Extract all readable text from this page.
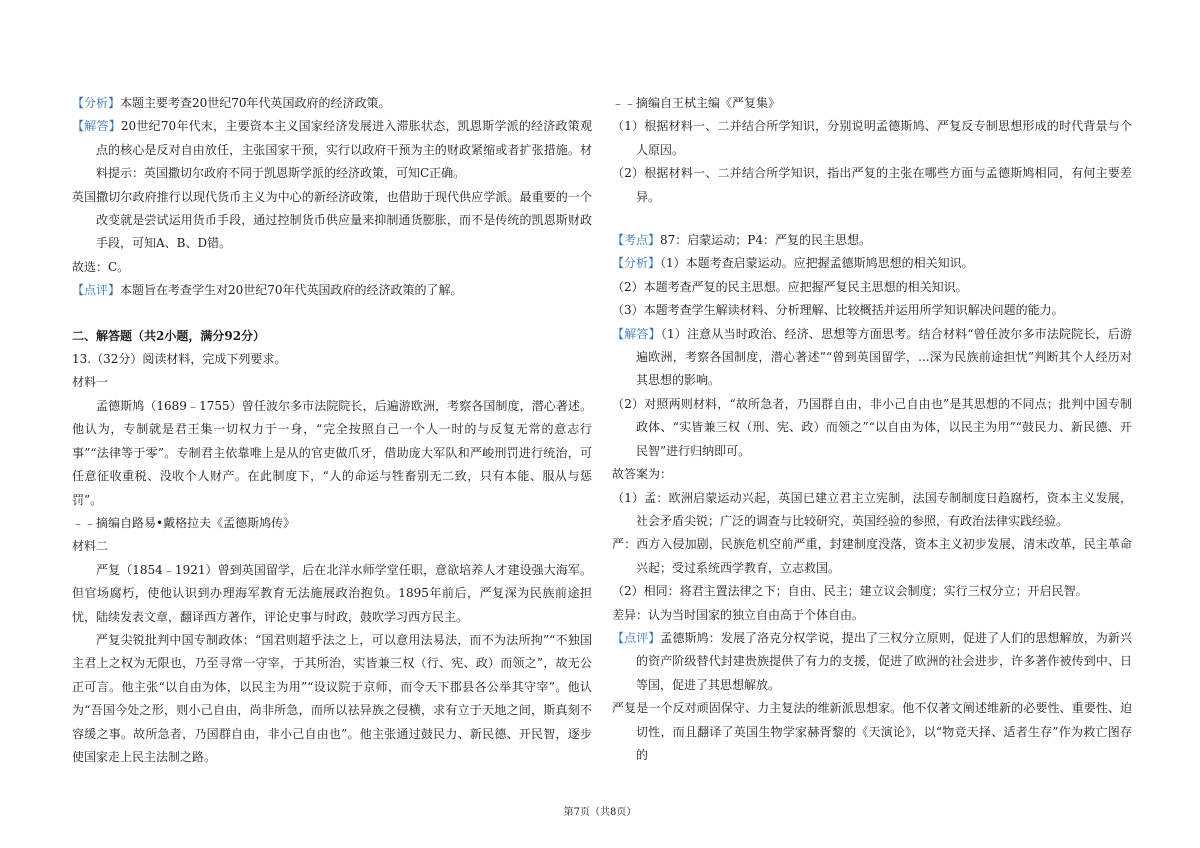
【分析】本题主要考查20世纪70年代英国政府的经济政策。

【解答】20世纪70年代末，主要资本主义国家经济发展进入滞胀状态，凯恩斯学派的经济政策观点的核心是反对自由放任，主张国家干预，实行以政府干预为主的财政紧缩或者扩张措施。材料提示：英国撒切尔政府不同于凯恩斯学派的经济政策，可知C正确。

英国撒切尔政府推行以现代货币主义为中心的新经济政策，也借助于现代供应学派。最重要的一个改变就是尝试运用货币手段，通过控制货币供应量来抑制通货膨胀，而不是传统的凯恩斯财政手段，可知A、B、D错。

故选：C。

【点评】本题旨在考查学生对20世纪70年代英国政府的经济政策的了解。

二、解答题（共2小题，满分92分）

13.（32分）阅读材料，完成下列要求。

材料一

孟德斯鸠（1689﹣1755）曾任波尔多市法院院长，后遍游欧洲，考察各国制度，潜心著述。他认为，专制就是君王集一切权力于一身，“完全按照自己一个人一时的与反复无常的意志行事”“法律等于零”。专制君主依靠唯上是从的官吏做爪牙，借助庞大军队和严峻刑罚进行统治，可任意征收重税、没收个人财产。在此制度下，“人的命运与牲畜别无二致，只有本能、服从与惩罚”。

﹣﹣摘编自路易•戴格拉夫《孟德斯鸠传》

材料二

严复（1854﹣1921）曾到英国留学，后在北洋水师学堂任职，意欲培养人才建设强大海军。但官场腐朽，使他认识到办理海军教育无法施展政治抱负。1895年前后，严复深为民族前途担忧，陆续发表文章，翻译西方著作，评论史事与时政，鼓吹学习西方民主。

严复尖锐批判中国专制政体：“国君则超乎法之上，可以意用法易法，而不为法所拘”“不独国主君上之权为无限也，乃至寻常一守宰，于其所治，实皆兼三权（行、宪、政）而领之”，故无公正可言。他主张“以自由为体，以民主为用”“设议院于京师，而令天下郡县各公举其守宰”。他认为“吾国今处之形，则小己自由，尚非所急，而所以祛异族之侵横，求有立于天地之间，斯真刻不容缓之事。故所急者，乃国群自由，非小己自由也”。他主张通过鼓民力、新民德、开民智，逐步使国家走上民主法制之路。

﹣﹣摘编自王栻主编《严复集》

（1）根据材料一、二并结合所学知识，分别说明孟德斯鸠、严复反专制思想形成的时代背景与个人原因。

（2）根据材料一、二并结合所学知识，指出严复的主张在哪些方面与孟德斯鸠相同，有何主要差异。

【考点】87：启蒙运动；P4：严复的民主思想。

【分析】（1）本题考查启蒙运动。应把握孟德斯鸠思想的相关知识。

（2）本题考查严复的民主思想。应把握严复民主思想的相关知识。

（3）本题考查学生解读材料、分析理解、比较概括并运用所学知识解决问题的能力。

【解答】（1）注意从当时政治、经济、思想等方面思考。结合材料“曾任波尔多市法院院长，后游遍欧洲，考察各国制度，潜心著述”“曾到英国留学，...深为民族前途担忧”判断其个人经历对其思想的影响。

（2）对照两则材料，“故所急者，乃国群自由，非小己自由也”是其思想的不同点；批判中国专制政体、“实皆兼三权（刑、宪、政）而领之”“以自由为体，以民主为用”“鼓民力、新民德、开民智”进行归纳即可。

故答案为：

（1）孟：欧洲启蒙运动兴起，英国已建立君主立宪制，法国专制制度日趋腐朽，资本主义发展，社会矛盾尖锐；广泛的调查与比较研究，英国经验的参照，有政治法律实践经验。

严：西方入侵加剧，民族危机空前严重，封建制度没落，资本主义初步发展，清末改革，民主革命兴起；受过系统西学教育，立志救国。

（2）相同：将君主置法律之下；自由、民主；建立议会制度；实行三权分立；开启民智。

差异：认为当时国家的独立自由高于个体自由。

【点评】孟德斯鸠：发展了洛克分权学说，提出了三权分立原则，促进了人们的思想解放，为新兴的资产阶级替代封建贵族提供了有力的支援，促进了欧洲的社会进步，许多著作被传到中、日等国，促进了其思想解放。

严复是一个反对顽固保守、力主复法的维新派思想家。他不仅著文阐述维新的必要性、重要性、迫切性，而且翻译了英国生物学家赫胥黎的《天演论》，以“物竞天择、适者生存”作为救亡图存的

第7页（共8页）
